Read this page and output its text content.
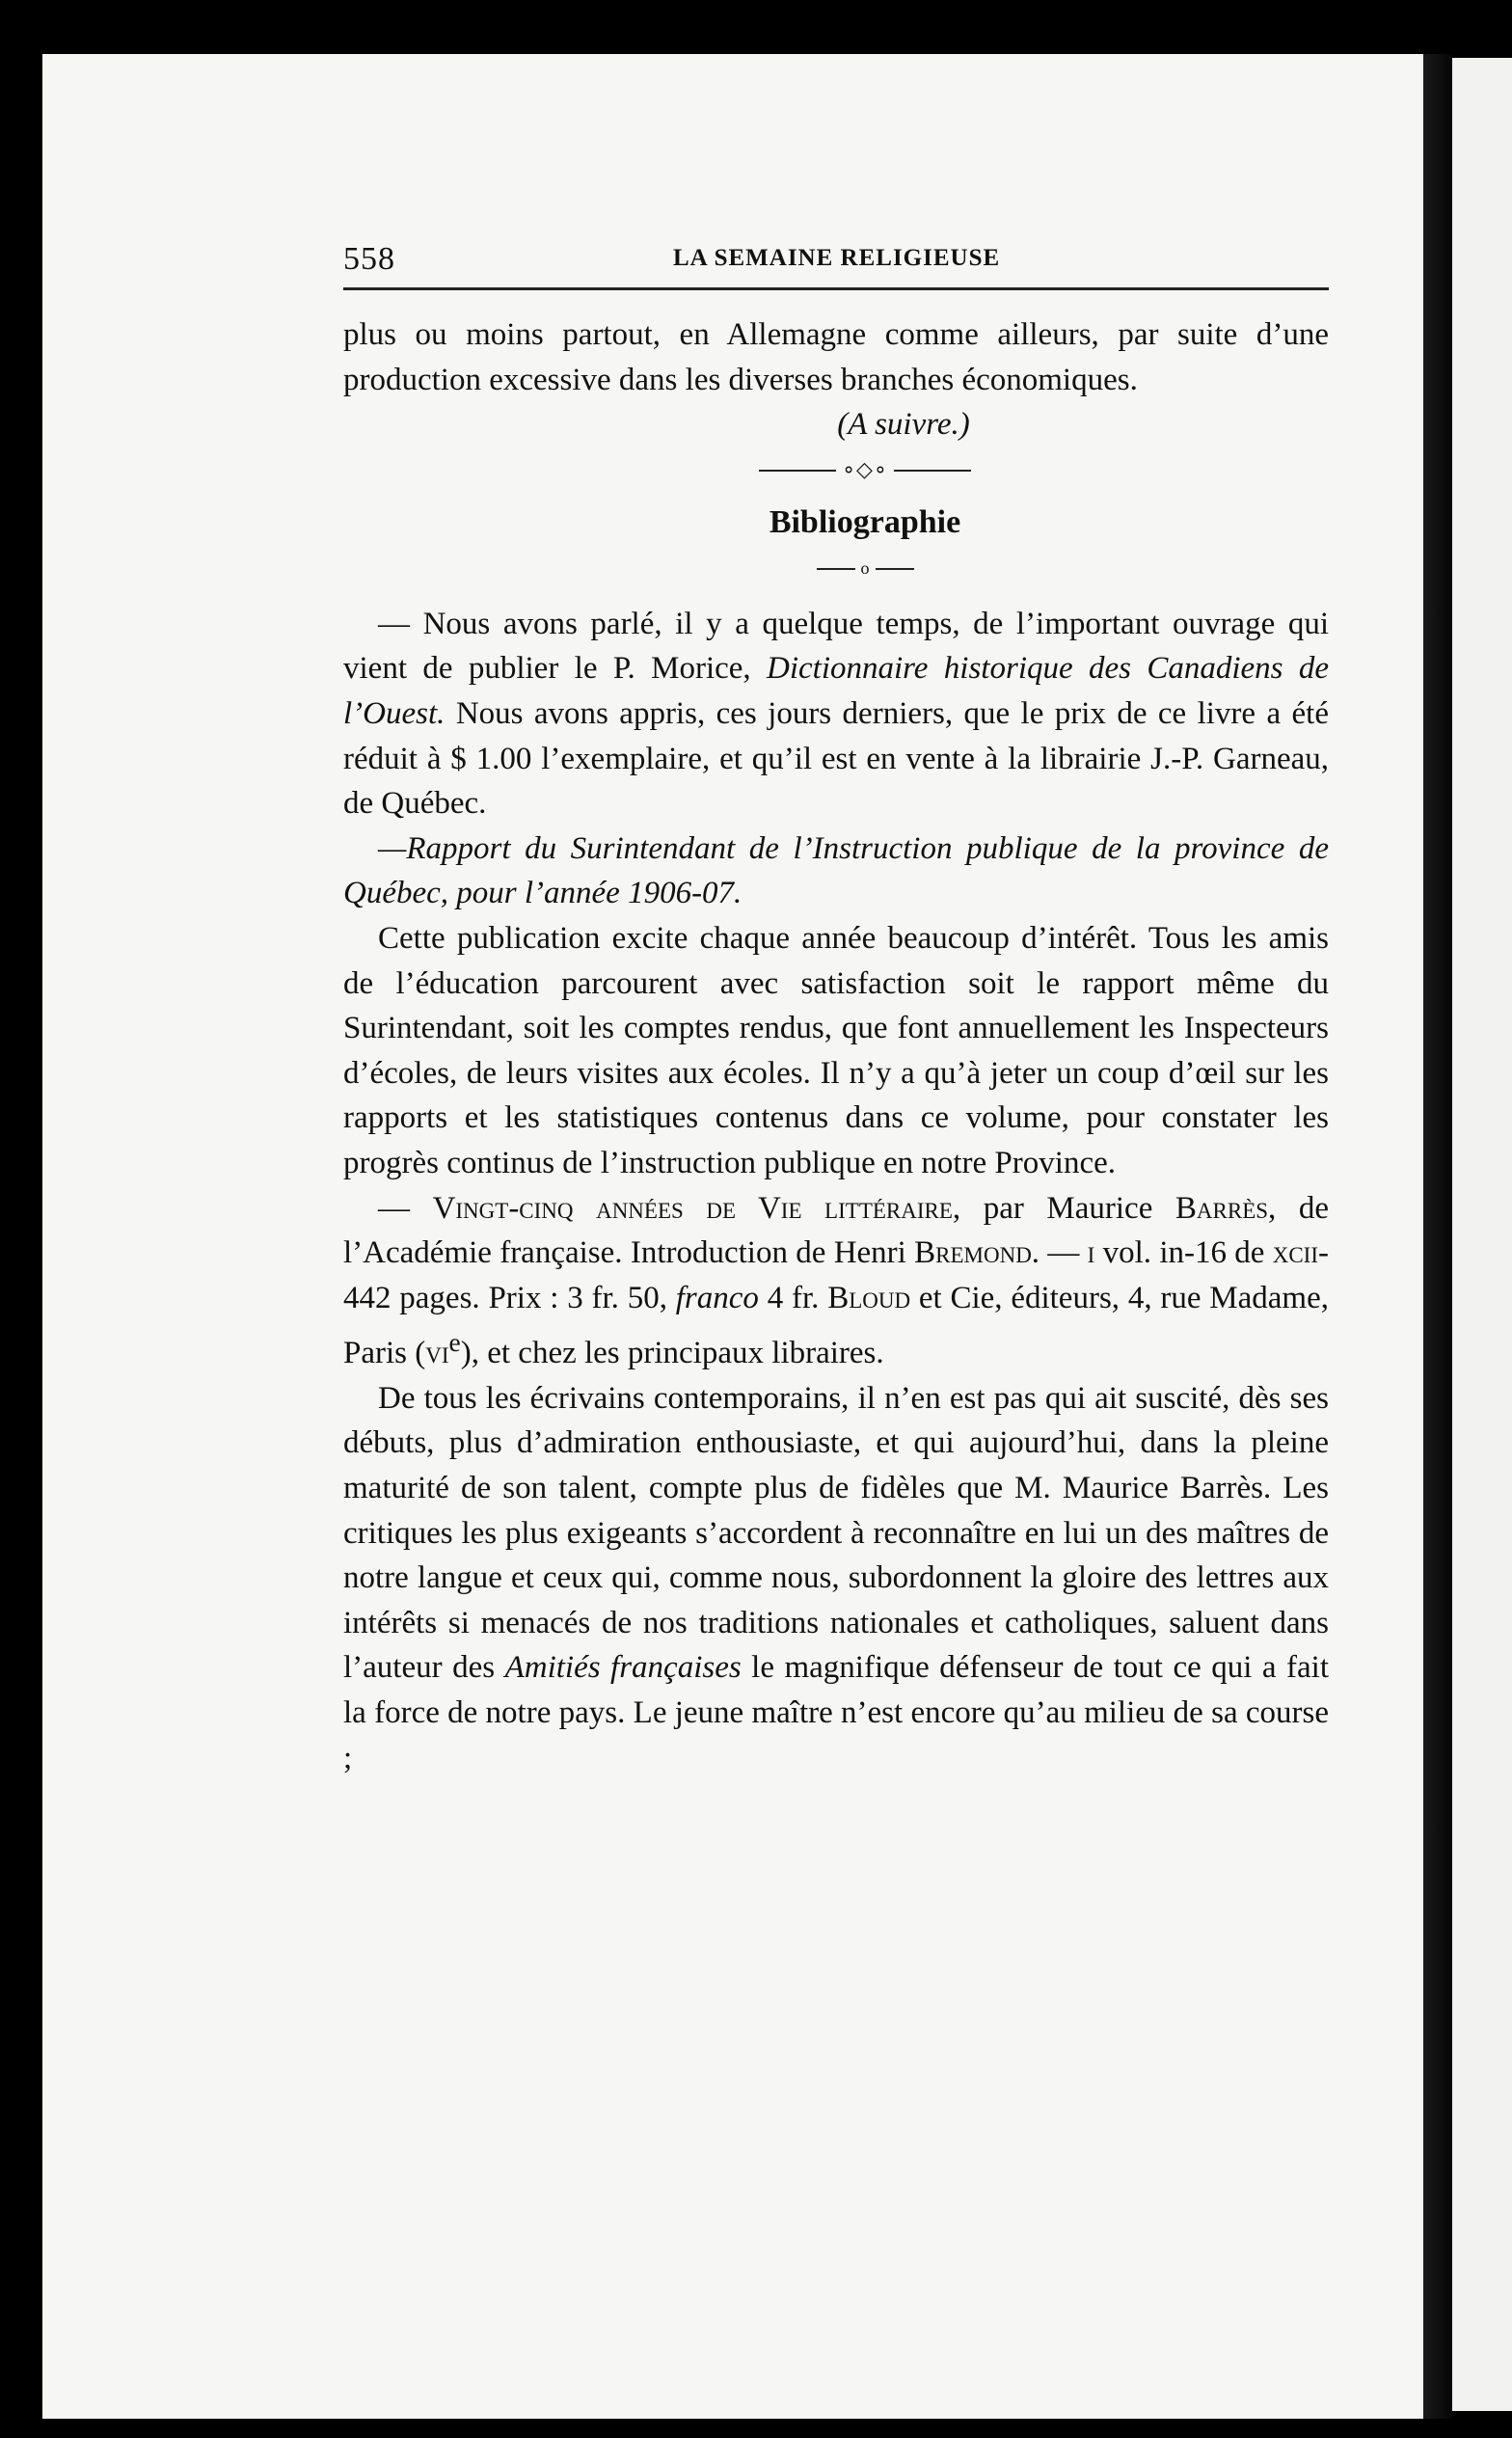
558	LA SEMAINE RELIGIEUSE

plus ou moins partout, en Allemagne comme ailleurs, par suite d’une production excessive dans les diverses branches économiques.

(A suivre.)

∘◇∘
Bibliographie
o

— Nous avons parlé, il y a quelque temps, de l’important ouvrage qui vient de publier le P. Morice, Dictionnaire historique des Canadiens de l’Ouest. Nous avons appris, ces jours derniers, que le prix de ce livre a été réduit à $ 1.00 l’exemplaire, et qu’il est en vente à la librairie J.-P. Garneau, de Québec.

—Rapport du Surintendant de l’Instruction publique de la province de Québec, pour l’année 1906-07.

Cette publication excite chaque année beaucoup d’intérêt. Tous les amis de l’éducation parcourent avec satisfaction soit le rapport même du Surintendant, soit les comptes rendus, que font annuellement les Inspecteurs d’écoles, de leurs visites aux écoles. Il n’y a qu’à jeter un coup d’œil sur les rapports et les statistiques contenus dans ce volume, pour constater les progrès continus de l’instruction publique en notre Province.

— Vingt-cinq années de Vie littéraire, par Maurice Barrès, de l’Académie française. Introduction de Henri Bremond. — i vol. in-16 de xcii-442 pages. Prix : 3 fr. 50, franco 4 fr. Bloud et Cie, éditeurs, 4, rue Madame, Paris $(vi^e)$, et chez les principaux libraires.

De tous les écrivains contemporains, il n’en est pas qui ait suscité, dès ses débuts, plus d’admiration enthousiaste, et qui aujourd’hui, dans la pleine maturité de son talent, compte plus de fidèles que M. Maurice Barrès. Les critiques les plus exigeants s’accordent à reconnaître en lui un des maîtres de notre langue et ceux qui, comme nous, subordonnent la gloire des lettres aux intérêts si menacés de nos traditions nationales et catholiques, saluent dans l’auteur des Amitiés françaises le magnifique défenseur de tout ce qui a fait la force de notre pays. Le jeune maître n’est encore qu’au milieu de sa course ;
